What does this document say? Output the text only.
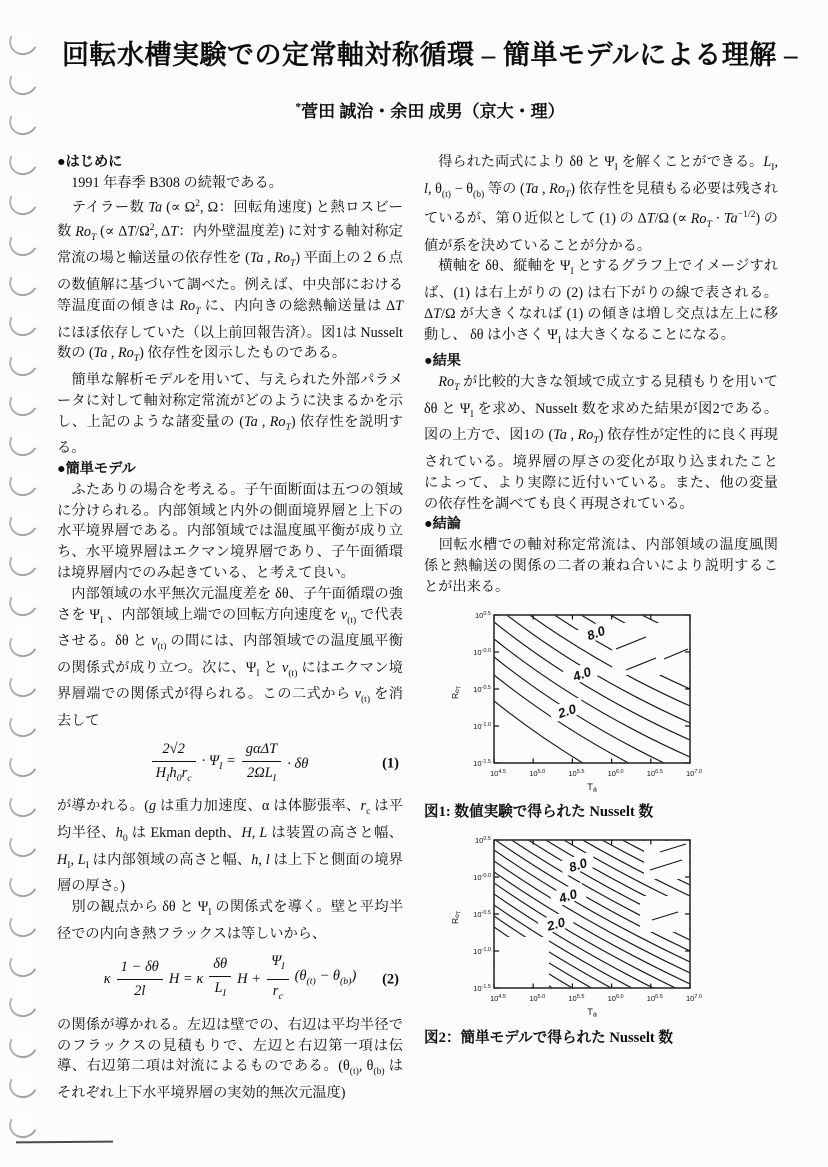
回転水槽実験での定常軸対称循環 – 簡単モデルによる理解 –
*菅田 誠治・余田 成男（京大・理）

●はじめに

　1991 年春季 B308 の続報である。

　テイラー数 Ta (∝ $\Omega^2$, Ω：回転角速度) と熱ロスビー数 $Ro_T$ (∝ $\Delta T/\Omega^2$, ΔT：内外壁温度差) に対する軸対称定常流の場と輸送量の依存性を (Ta , $Ro_T$) 平面上の２６点の数値解に基づいて調べた。例えば、中央部における等温度面の傾きは $Ro_T$ に、内向きの総熱輸送量は ΔT にほぼ依存していた（以上前回報告済）。図1は Nusselt 数の (Ta , $Ro_T$) 依存性を図示したものである。

　簡単な解析モデルを用いて、与えられた外部パラメータに対して軸対称定常流がどのように決まるかを示し、上記のような諸変量の (Ta , $Ro_T$) 依存性を説明する。

●簡単モデル

　ふたありの場合を考える。子午面断面は五つの領域に分けられる。内部領域と内外の側面境界層と上下の水平境界層である。内部領域では温度風平衡が成り立ち、水平境界層はエクマン境界層であり、子午面循環は境界層内でのみ起きている、と考えて良い。

　内部領域の水平無次元温度差を δθ、子午面循環の強さを $\Psi_I$ 、内部領域上端での回転方向速度を $v_{(t)}$ で代表させる。δθ と $v_{(t)}$ の間には、内部領域での温度風平衡の関係式が成り立つ。次に、$\Psi_I$ と $v_{(t)}$ にはエクマン境界層端での関係式が得られる。この二式から $v_{(t)}$ を消去して

$\frac{2√2}{H_Ih_0r_c} \cdot \Psi_I = \frac{\text{gαΔT}}{2\Omega L_I} \cdot \delta\theta$	(1)

が導かれる。(g は重力加速度、α は体膨張率、$r_c$ は平均半径、$h_0$ は Ekman depth、H, L は装置の高さと幅、$H_I$, $L_I$ は内部領域の高さと幅、h, l は上下と側面の境界層の厚さ。)

　別の観点から δθ と $\Psi_I$ の関係式を導く。壁と平均半径での内向き熱フラックスは等しいから、

κ $\frac{1 - \delta\theta}{2l}$ H = κ $\frac{\delta\theta}{L_I}$ $H + \frac{\Psi_I}{r_c} (\theta_{(t)} - \theta_{(b)})$ (2)

の関係が導かれる。左辺は壁での、右辺は平均半径でのフラックスの見積もりで、左辺と右辺第一項は伝導、右辺第二項は対流によるものである。($\theta_{(t)}$, $\theta_{(b)}$ はそれぞれ上下水平境界層の実効的無次元温度)

　得られた両式により δθ と $\Psi_I$ を解くことができる。$L_I$, l, $\theta_{(t)} - \theta_{(b)}$ 等の (Ta , $Ro_T$) 依存性を見積もる必要は残されているが、第０近似として (1) の ΔT/Ω (∝ $Ro_T \cdot Ta^{-1/2}$) の値が系を決めていることが分かる。

　横軸を δθ、縦軸を $\Psi_I$ とするグラフ上でイメージすれば、(1) は右上がりの (2) は右下がりの線で表される。ΔT/Ω が大きくなれば (1) の傾きは増し交点は左上に移動し、 δθ は小さく $\Psi_I$ は大きくなることになる。

●結果

　$Ro_T$ が比較的大きな領域で成立する見積もりを用いて δθ と $\Psi_I$ を求め、Nusselt 数を求めた結果が図2である。図の上方で、図1の (Ta , $Ro_T$) 依存性が定性的に良く再現されている。境界層の厚さの変化が取り込まれたことによって、より実際に近付いている。また、他の変量の依存性を調べても良く再現されている。

●結論

　回転水槽での軸対称定常流は、内部領域の温度風関係と熱輸送の関係の二者の兼ね合いにより説明することが出来る。

8.0
4.0
2.0
$10^{4.5}$	$10^{5.0}$	$10^{5.5}$	$10^{6.0}$	$10^{6.5}$	$10^{7.0}$
$10^{0.5}$
$10^{-0.0}$
$10^{-0.5}$
$10^{-1.0}$
$10^{-1.5}$
Ta
RoT

図1: 数値実験で得られた Nusselt 数

8.0
4.0
2.0
$10^{4.5}$	$10^{5.0}$	$10^{5.5}$	$10^{6.0}$	$10^{6.5}$	$10^{7.0}$
$10^{0.5}$
$10^{-0.0}$
$10^{-0.5}$
$10^{-1.0}$
$10^{-1.5}$
Ta
RoT

図2：簡単モデルで得られた Nusselt 数
